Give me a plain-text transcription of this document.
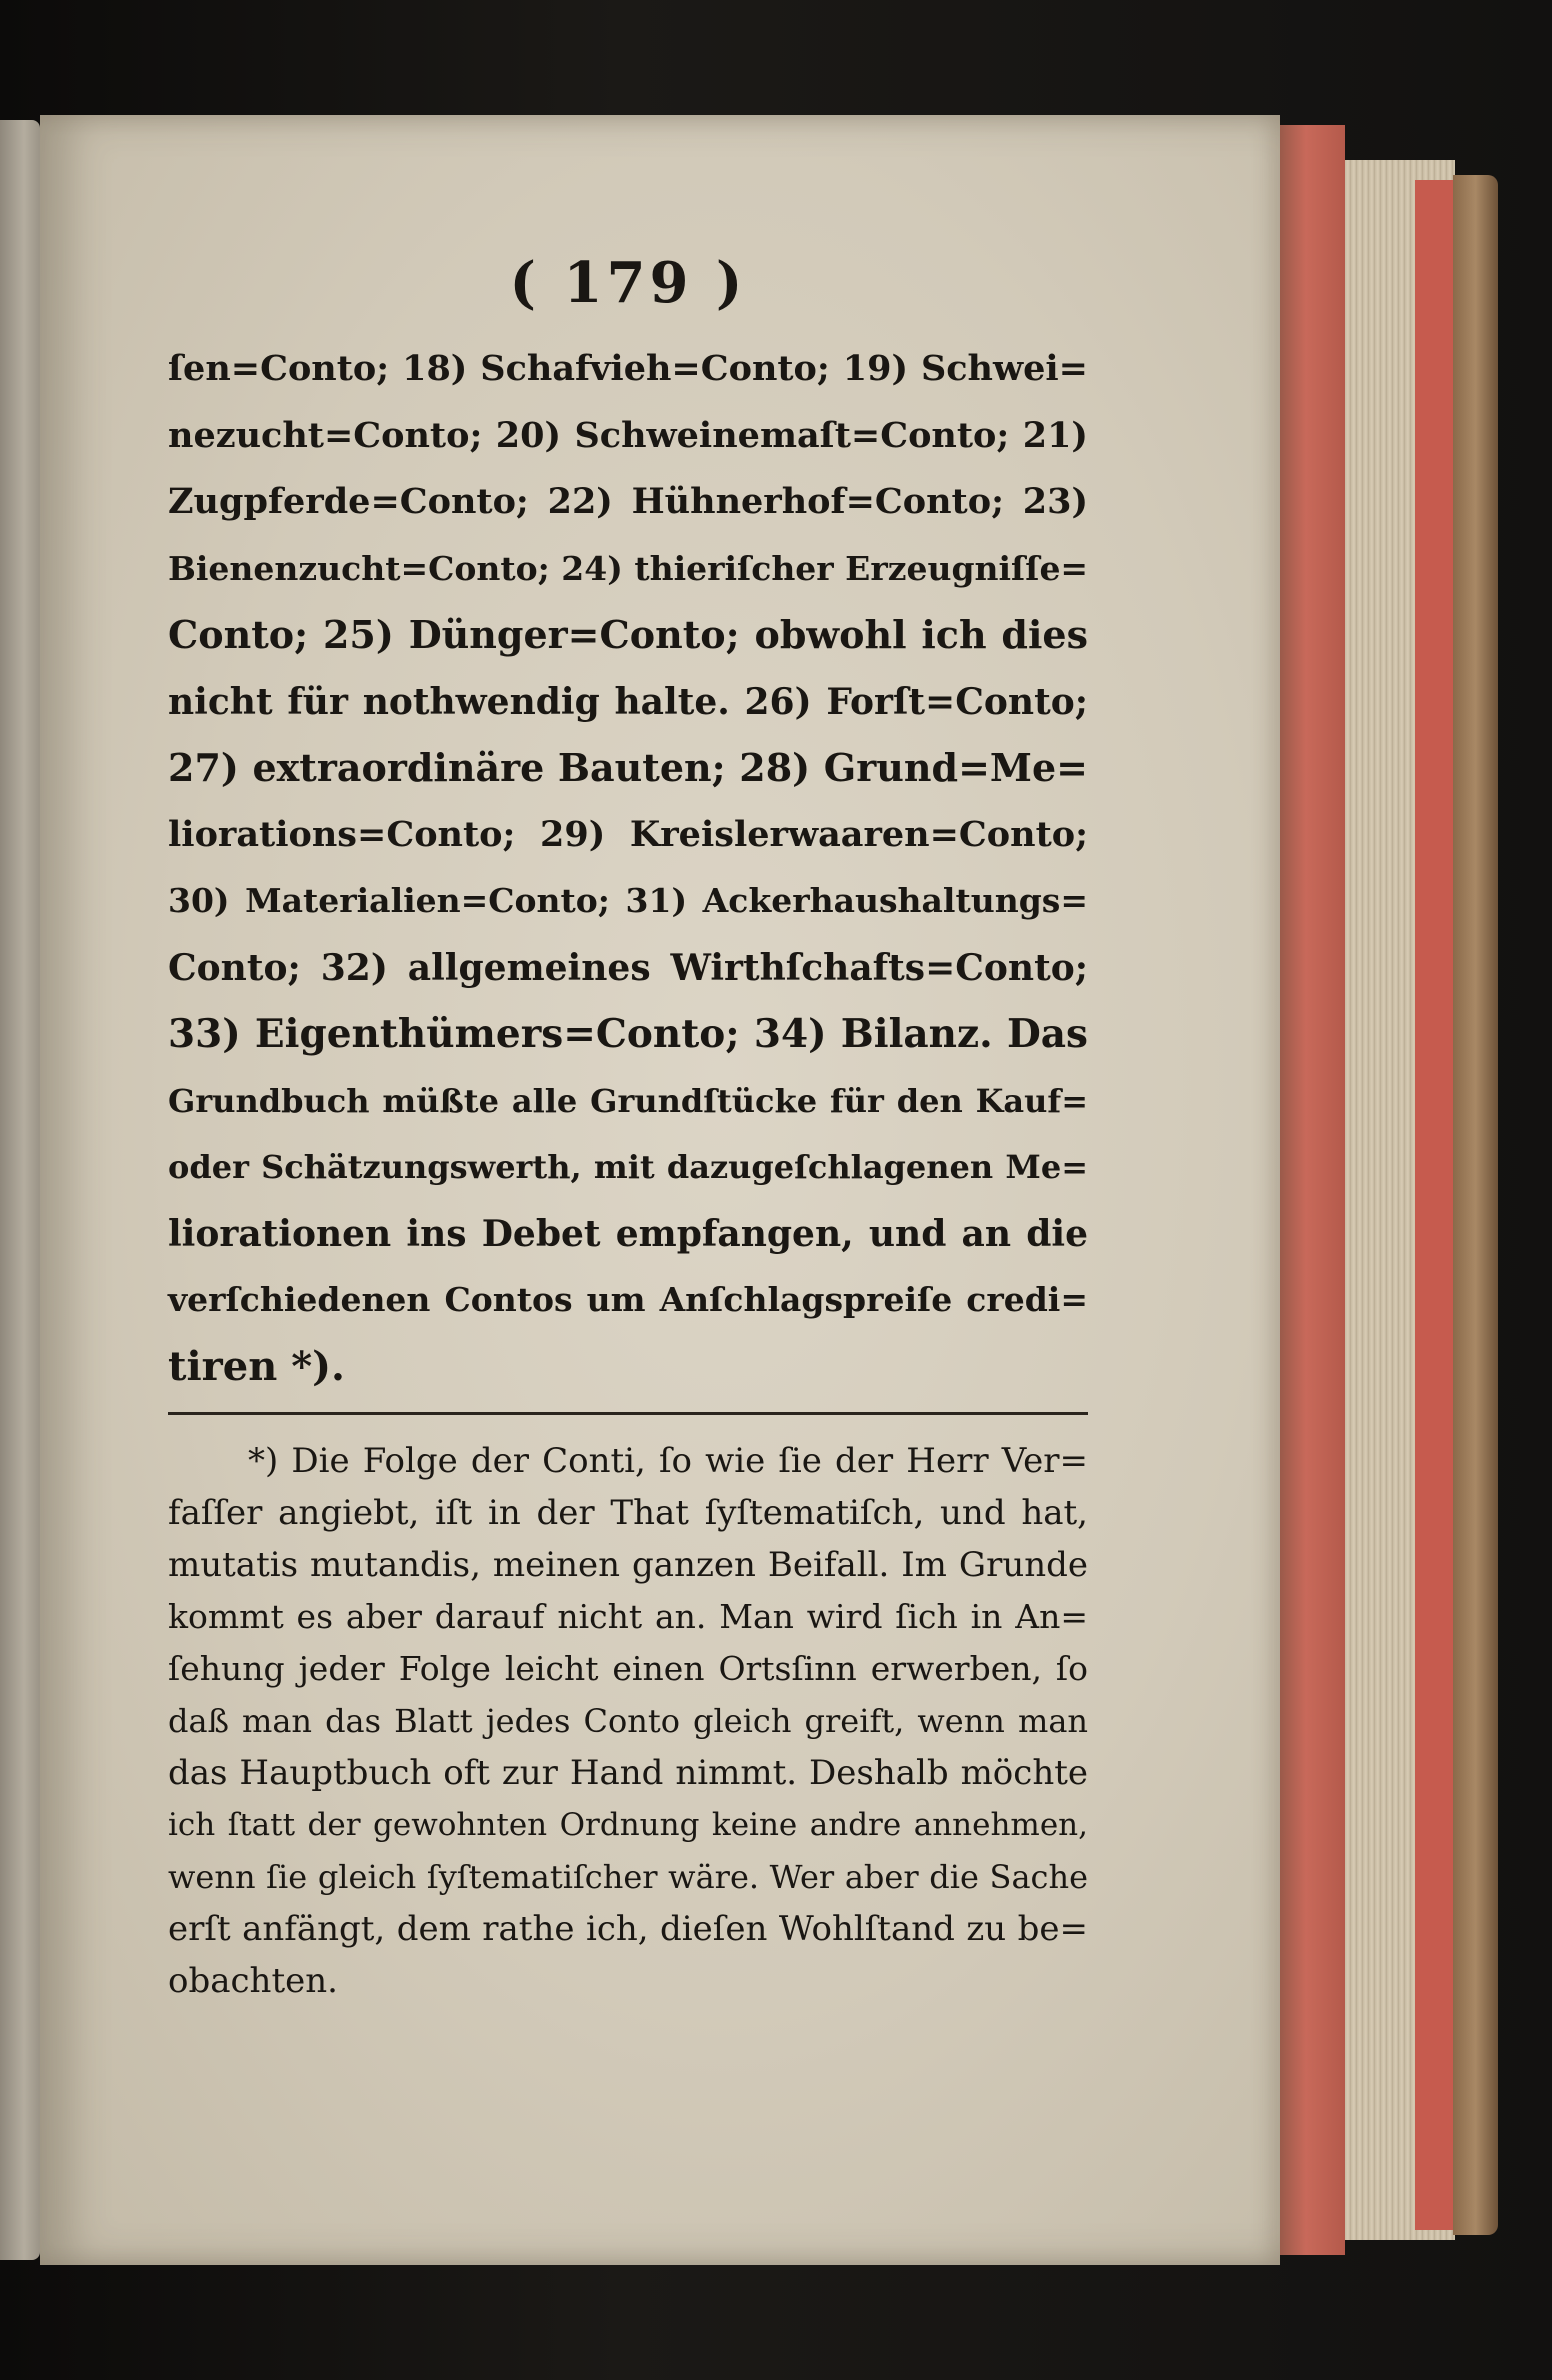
( 179 )
ſen=Conto; 18) Schafvieh=Conto; 19) Schwei=
nezucht=Conto; 20) Schweinemaſt=Conto; 21)
Zugpferde=Conto; 22) Hühnerhof=Conto; 23)
Bienenzucht=Conto; 24) thieriſcher Erzeugniſſe=
Conto; 25) Dünger=Conto; obwohl ich dies
nicht für nothwendig halte. 26) Forſt=Conto;
27) extraordinäre Bauten; 28) Grund=Me=
liorations=Conto; 29) Kreislerwaaren=Conto;
30) Materialien=Conto; 31) Ackerhaushaltungs=
Conto; 32) allgemeines Wirthſchafts=Conto;
33) Eigenthümers=Conto; 34) Bilanz. Das
Grundbuch müßte alle Grundſtücke für den Kauf=
oder Schätzungswerth, mit dazugeſchlagenen Me=
liorationen ins Debet empfangen, und an die
verſchiedenen Contos um Anſchlagspreiſe credi=
tiren *).
*) Die Folge der Conti, ſo wie ſie der Herr Ver=
faſſer angiebt, iſt in der That ſyſtematiſch, und hat,
mutatis mutandis, meinen ganzen Beifall. Im Grunde
kommt es aber darauf nicht an. Man wird ſich in An=
ſehung jeder Folge leicht einen Ortsſinn erwerben, ſo
daß man das Blatt jedes Conto gleich greift, wenn man
das Hauptbuch oft zur Hand nimmt. Deshalb möchte
ich ſtatt der gewohnten Ordnung keine andre annehmen,
wenn ſie gleich ſyſtematiſcher wäre. Wer aber die Sache
erſt anfängt, dem rathe ich, dieſen Wohlſtand zu be=
obachten.
